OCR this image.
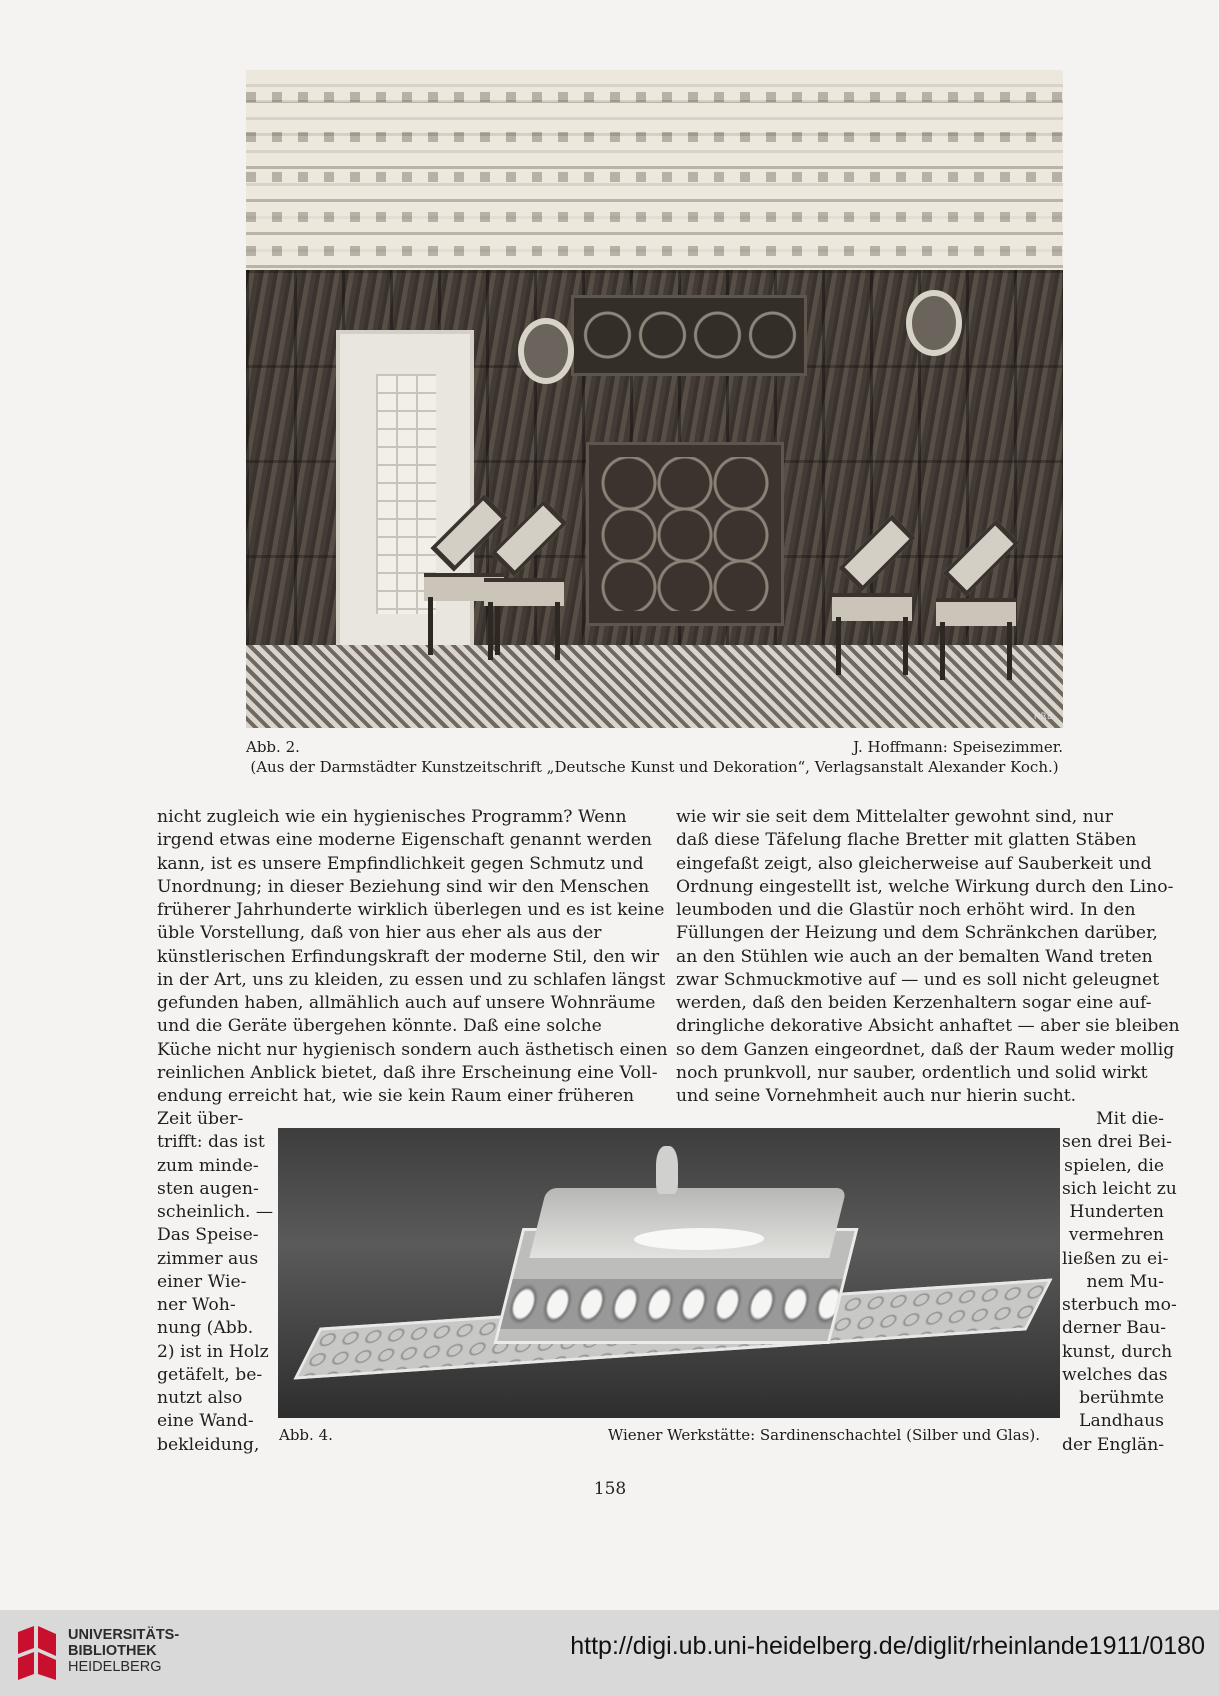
NRB
Abb. 2.	J. Hoffmann: Speisezimmer.
(Aus der Darmstädter Kunstzeitschrift „Deutsche Kunst und Dekoration“, Verlagsanstalt Alexander Koch.)
nicht zugleich wie ein hygienisches Programm? Wenn
irgend etwas eine moderne Eigenschaft genannt werden
kann, ist es unsere Empfindlichkeit gegen Schmutz und
Unordnung; in dieser Beziehung sind wir den Menschen
früherer Jahrhunderte wirklich überlegen und es ist keine
üble Vorstellung, daß von hier aus eher als aus der
künstlerischen Erfindungskraft der moderne Stil, den wir
in der Art, uns zu kleiden, zu essen und zu schlafen längst
gefunden haben, allmählich auch auf unsere Wohnräume
und die Geräte übergehen könnte. Daß eine solche
Küche nicht nur hygienisch sondern auch ästhetisch einen
reinlichen Anblick bietet, daß ihre Erscheinung eine Voll-
endung erreicht hat, wie sie kein Raum einer früheren
wie wir sie seit dem Mittelalter gewohnt sind, nur
daß diese Täfelung flache Bretter mit glatten Stäben
eingefaßt zeigt, also gleicherweise auf Sauberkeit und
Ordnung eingestellt ist, welche Wirkung durch den Lino-
leumboden und die Glastür noch erhöht wird. In den
Füllungen der Heizung und dem Schränkchen darüber,
an den Stühlen wie auch an der bemalten Wand treten
zwar Schmuckmotive auf — und es soll nicht geleugnet
werden, daß den beiden Kerzenhaltern sogar eine auf-
dringliche dekorative Absicht anhaftet — aber sie bleiben
so dem Ganzen eingeordnet, daß der Raum weder mollig
noch prunkvoll, nur sauber, ordentlich und solid wirkt
und seine Vornehmheit auch nur hierin sucht.
Zeit über-
trifft: das ist
zum minde-
sten augen-
scheinlich. —
Das Speise-
zimmer aus
einer Wie-
ner Woh-
nung (Abb.
2) ist in Holz
getäfelt, be-
nutzt also
eine Wand-
bekleidung,
Mit die-
sen drei Bei-
spielen, die
sich leicht zu
Hunderten
vermehren
ließen zu ei-
nem Mu-
sterbuch mo-
derner Bau-
kunst, durch
welches das
berühmte
Landhaus
der Englän-
Abb. 4.	Wiener Werkstätte: Sardinenschachtel (Silber und Glas).
158
UNIVERSITÄTS-
BIBLIOTHEK
HEIDELBERG
http://digi.ub.uni-heidelberg.de/diglit/rheinlande1911/0180
